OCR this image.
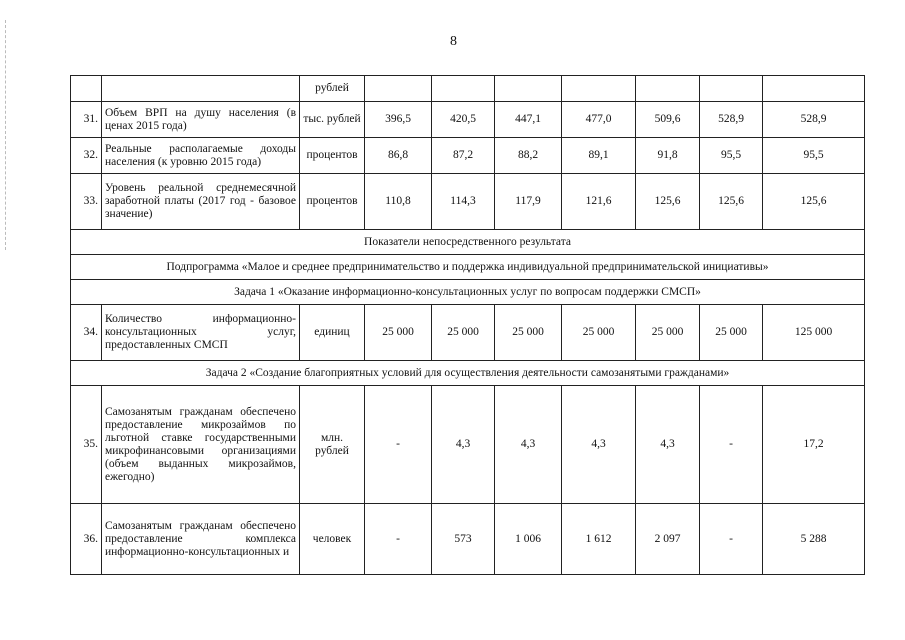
8
		рублей							
31.	Объем ВРП на душу населения (в ценах 2015 года)	тыс. рублей	396,5	420,5	447,1	477,0	509,6	528,9	528,9
32.	Реальные располагаемые доходы населения (к уровню 2015 года)	процентов	86,8	87,2	88,2	89,1	91,8	95,5	95,5
33.	Уровень реальной среднемесячной заработной платы (2017 год - базовое значение)	процентов	110,8	114,3	117,9	121,6	125,6	125,6	125,6
Показатели непосредственного результата									
Подпрограмма «Малое и среднее предпринимательство и поддержка индивидуальной предпринимательской инициативы»									
Задача 1 «Оказание информационно-консультационных услуг по вопросам поддержки СМСП»									
34.	Количество информационно-консультационных услуг, предоставленных СМСП	единиц	25 000	25 000	25 000	25 000	25 000	25 000	125 000
Задача 2 «Создание благоприятных условий для осуществления деятельности самозанятыми гражданами»									
35.	Самозанятым гражданам обеспечено предоставление микрозаймов по льготной ставке государственными микрофинансовыми организациями (объем выданных микрозаймов, ежегодно)	млн. рублей	-	4,3	4,3	4,3	4,3	-	17,2
36.	Самозанятым гражданам обеспечено предоставление комплекса информационно-консультационных и	человек	-	573	1 006	1 612	2 097	-	5 288
